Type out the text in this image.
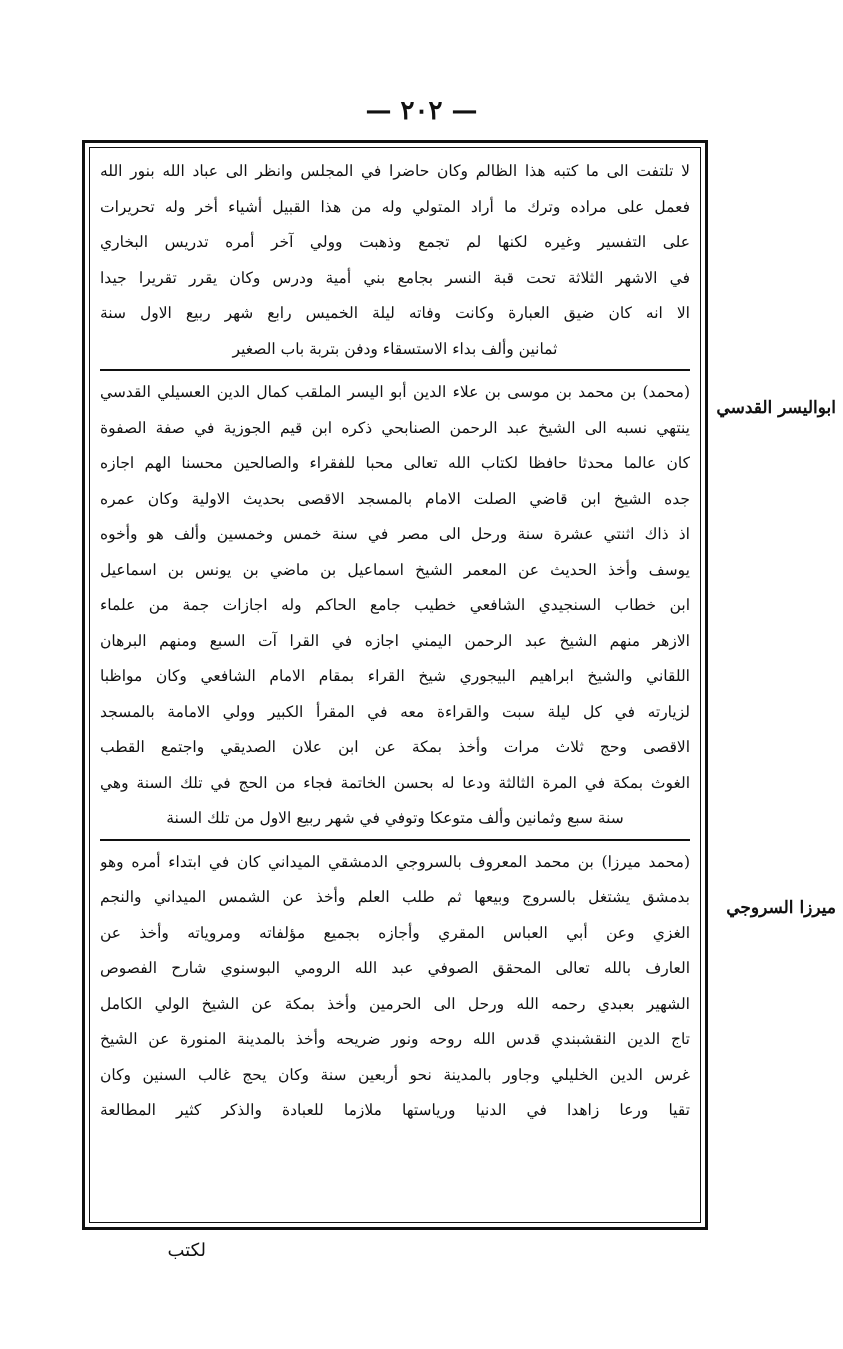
— ٢٠٢ —
لا تلتفت الى ما كتبه هذا الظالم وكان حاضرا في المجلس وانظر الى عباد الله بنور الله
فعمل على مراده وترك ما أراد المتولي وله من هذا القبيل أشياء أخر وله تحريرات
على التفسير وغيره لكنها لم تجمع وذهبت وولي آخر أمره تدريس البخاري
في الاشهر الثلاثة تحت قبة النسر بجامع بني أمية ودرس وكان يقرر تقريرا جيدا
الا انه كان ضيق العبارة وكانت وفاته ليلة الخميس رابع شهر ربيع الاول سنة
ثمانين وألف بداء الاستسقاء ودفن بتربة باب الصغير
(محمد) بن محمد بن موسى بن علاء الدين أبو اليسر الملقب كمال الدين العسيلي القدسي
ينتهي نسبه الى الشيخ عبد الرحمن الصنابحي ذكره ابن قيم الجوزية في صفة الصفوة
كان عالما محدثا حافظا لكتاب الله تعالى محبا للفقراء والصالحين محسنا الهم اجازه
جده الشيخ ابن قاضي الصلت الامام بالمسجد الاقصى بحديث الاولية وكان عمره
اذ ذاك اثنتي عشرة سنة ورحل الى مصر في سنة خمس وخمسين وألف هو وأخوه
يوسف وأخذ الحديث عن المعمر الشيخ اسماعيل بن ماضي بن يونس بن اسماعيل
ابن خطاب السنجيدي الشافعي خطيب جامع الحاكم وله اجازات جمة من علماء
الازهر منهم الشيخ عبد الرحمن اليمني اجازه في القرا آت السبع ومنهم البرهان
اللقاني والشيخ ابراهيم البيجوري شيخ القراء بمقام الامام الشافعي وكان مواظبا
لزيارته في كل ليلة سبت والقراءة معه في المقرأ الكبير وولي الامامة بالمسجد
الاقصى وحج ثلاث مرات وأخذ بمكة عن ابن علان الصديقي واجتمع القطب
الغوث بمكة في المرة الثالثة ودعا له بحسن الخاتمة فجاء من الحج في تلك السنة وهي
سنة سبع وثمانين وألف متوعكا وتوفي في شهر ربيع الاول من تلك السنة
(محمد ميرزا) بن محمد المعروف بالسروجي الدمشقي الميداني كان في ابتداء أمره وهو
بدمشق يشتغل بالسروج وبيعها ثم طلب العلم وأخذ عن الشمس الميداني والنجم
الغزي وعن أبي العباس المقري وأجازه بجميع مؤلفاته ومروياته وأخذ عن
العارف بالله تعالى المحقق الصوفي عبد الله الرومي البوسنوي شارح الفصوص
الشهير بعبدي رحمه الله ورحل الى الحرمين وأخذ بمكة عن الشيخ الولي الكامل
تاج الدين النقشبندي قدس الله روحه ونور ضريحه وأخذ بالمدينة المنورة عن الشيخ
غرس الدين الخليلي وجاور بالمدينة نحو أربعين سنة وكان يحج غالب السنين وكان
تقيا ورعا زاهدا في الدنيا ورياستها ملازما للعبادة والذكر كثير المطالعة
ابواليسر القدسي
ميرزا السروجي
لكتب
